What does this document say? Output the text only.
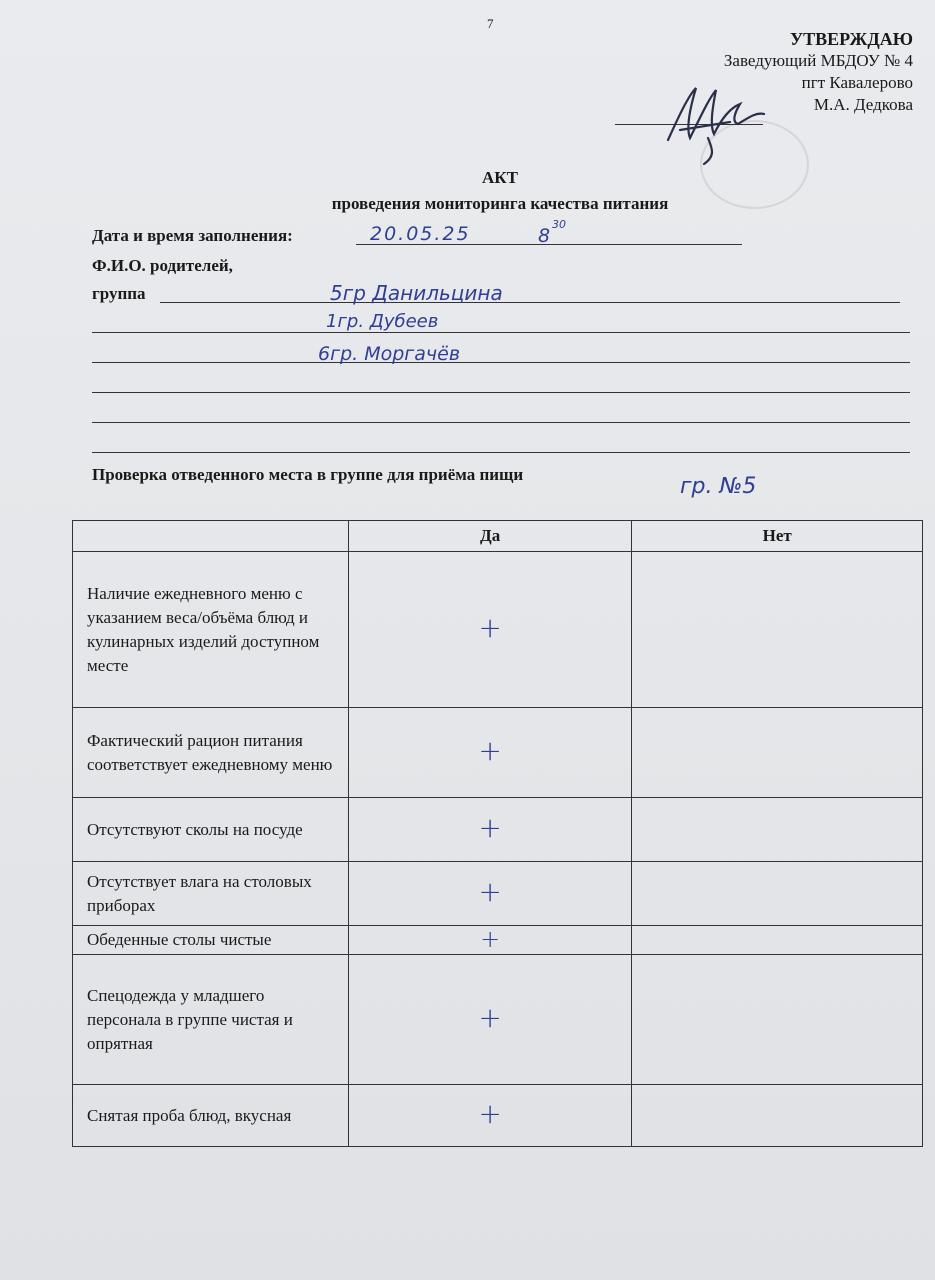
7
УТВЕРЖДАЮ
Заведующий МБДОУ № 4
пгт Кавалерово
М.А. Дедкова
АКТ
проведения мониторинга качества питания
Дата и время заполнения:	20.05.25	8
30
Ф.И.О. родителей,
группа	5гр Данильцина
1гр. Дубеев
6гр. Моргачёв
Проверка отведенного места в группе для приёма пищи	гр. №5
	Да	Нет
Наличие ежедневного меню с указанием веса/объёма блюд и кулинарных изделий доступном месте	+	
Фактический рацион питания соответствует ежедневному меню	+	
Отсутствуют сколы на посуде	+	
Отсутствует влага на столовых приборах	+	
Обеденные столы чистые	+	
Спецодежда у младшего персонала в группе чистая и опрятная	+	
Снятая проба блюд, вкусная	+	
